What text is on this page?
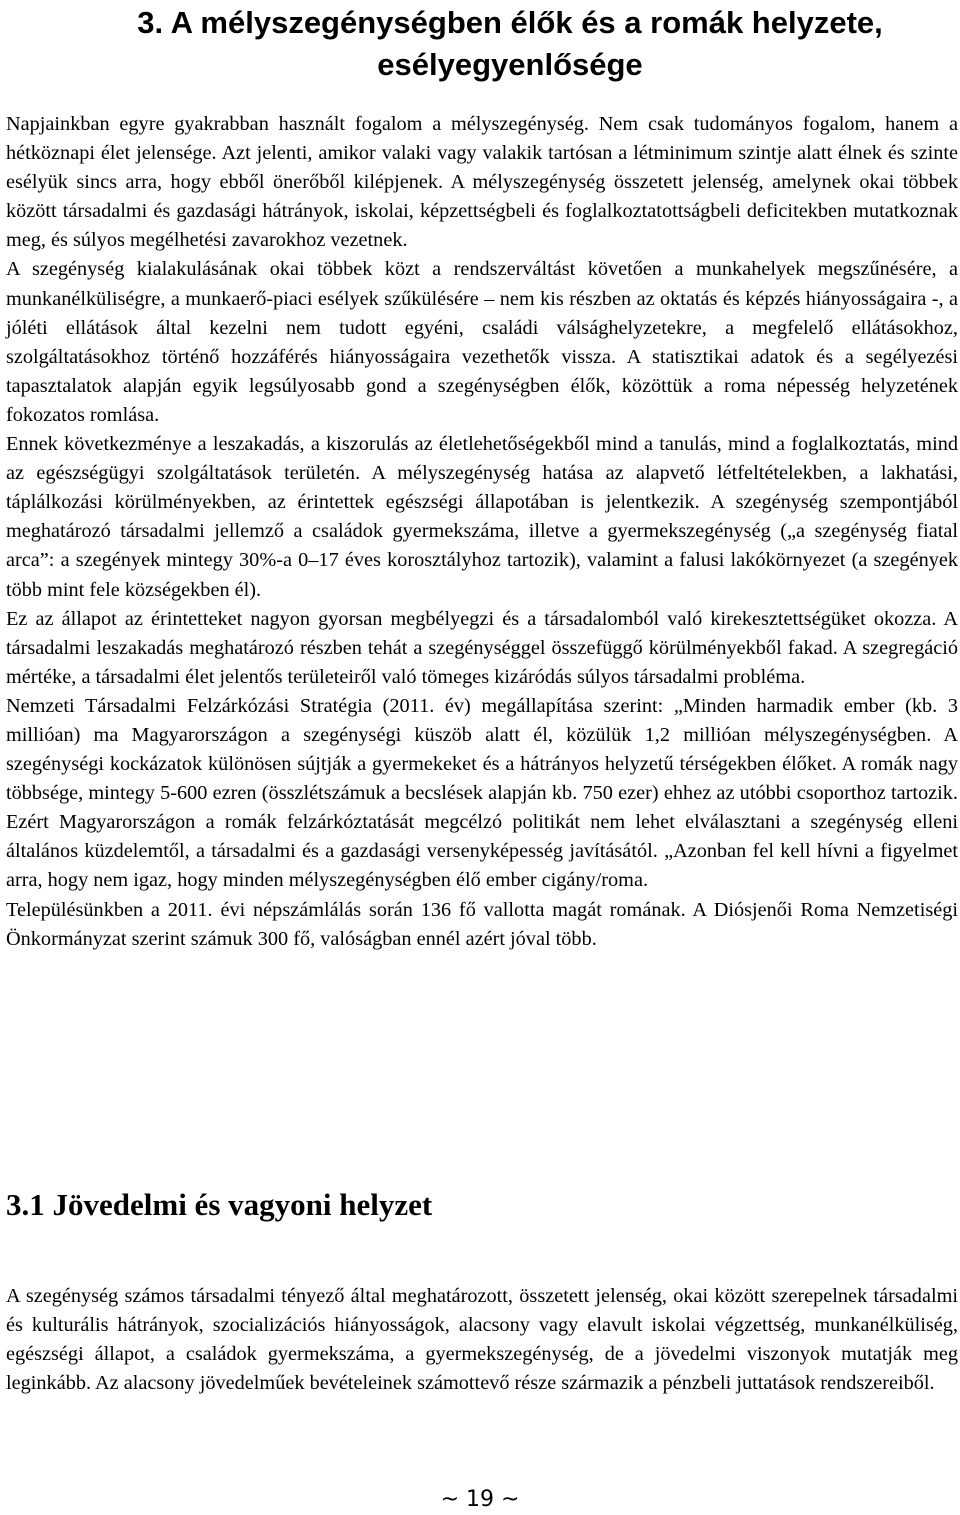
3. A mélyszegénységben élők és a romák helyzete,
esélyegyenlősége

Napjainkban egyre gyakrabban használt fogalom a mélyszegénység. Nem csak tudományos fogalom, hanem a hétköznapi élet jelensége. Azt jelenti, amikor valaki vagy valakik tartósan a létminimum szintje alatt élnek és szinte esélyük sincs arra, hogy ebből önerőből kilépjenek. A mélyszegénység összetett jelenség, amelynek okai többek között társadalmi és gazdasági hátrányok, iskolai, képzettségbeli és foglalkoztatottságbeli deficitekben mutatkoznak meg, és súlyos megélhetési zavarokhoz vezetnek.

A szegénység kialakulásának okai többek közt a rendszerváltást követően a munkahelyek megszűnésére, a munkanélküliségre, a munkaerő-piaci esélyek szűkülésére – nem kis részben az oktatás és képzés hiányosságaira -, a jóléti ellátások által kezelni nem tudott egyéni, családi válsághelyzetekre, a megfelelő ellátásokhoz, szolgáltatásokhoz történő hozzáférés hiányosságaira vezethetők vissza. A statisztikai adatok és a segélyezési tapasztalatok alapján egyik legsúlyosabb gond a szegénységben élők, közöttük a roma népesség helyzetének fokozatos romlása.

Ennek következménye a leszakadás, a kiszorulás az életlehetőségekből mind a tanulás, mind a foglalkoztatás, mind az egészségügyi szolgáltatások területén. A mélyszegénység hatása az alapvető létfeltételekben, a lakhatási, táplálkozási körülményekben, az érintettek egészségi állapotában is jelentkezik. A szegénység szempontjából meghatározó társadalmi jellemző a családok gyermekszáma, illetve a gyermekszegénység („a szegénység fiatal arca”: a szegények mintegy 30%-a 0–17 éves korosztályhoz tartozik), valamint a falusi lakókörnyezet (a szegények több mint fele községekben él).

Ez az állapot az érintetteket nagyon gyorsan megbélyegzi és a társadalomból való kirekesztettségüket okozza. A társadalmi leszakadás meghatározó részben tehát a szegénységgel összefüggő körülményekből fakad. A szegregáció mértéke, a társadalmi élet jelentős területeiről való tömeges kizáródás súlyos társadalmi probléma.

Nemzeti Társadalmi Felzárkózási Stratégia (2011. év) megállapítása szerint: „Minden harmadik ember (kb. 3 millióan) ma Magyarországon a szegénységi küszöb alatt él, közülük 1,2 millióan mélyszegénységben. A szegénységi kockázatok különösen sújtják a gyermekeket és a hátrányos helyzetű térségekben élőket. A romák nagy többsége, mintegy 5-600 ezren (összlétszámuk a becslések alapján kb. 750 ezer) ehhez az utóbbi csoporthoz tartozik. Ezért Magyarországon a romák felzárkóztatását megcélzó politikát nem lehet elválasztani a szegénység elleni általános küzdelemtől, a társadalmi és a gazdasági versenyképesség javításától. „Azonban fel kell hívni a figyelmet arra, hogy nem igaz, hogy minden mélyszegénységben élő ember cigány/roma.

Településünkben a 2011. évi népszámlálás során 136 fő vallotta magát romának. A Diósjenői Roma Nemzetiségi Önkormányzat szerint számuk 300 fő, valóságban ennél azért jóval több.

3.1 Jövedelmi és vagyoni helyzet

A szegénység számos társadalmi tényező által meghatározott, összetett jelenség, okai között szerepelnek társadalmi és kulturális hátrányok, szocializációs hiányosságok, alacsony vagy elavult iskolai végzettség, munkanélküliség, egészségi állapot, a családok gyermekszáma, a gyermekszegénység, de a jövedelmi viszonyok mutatják meg leginkább. Az alacsony jövedelműek bevételeinek számottevő része származik a pénzbeli juttatások rendszereiből.

~ 19 ~
